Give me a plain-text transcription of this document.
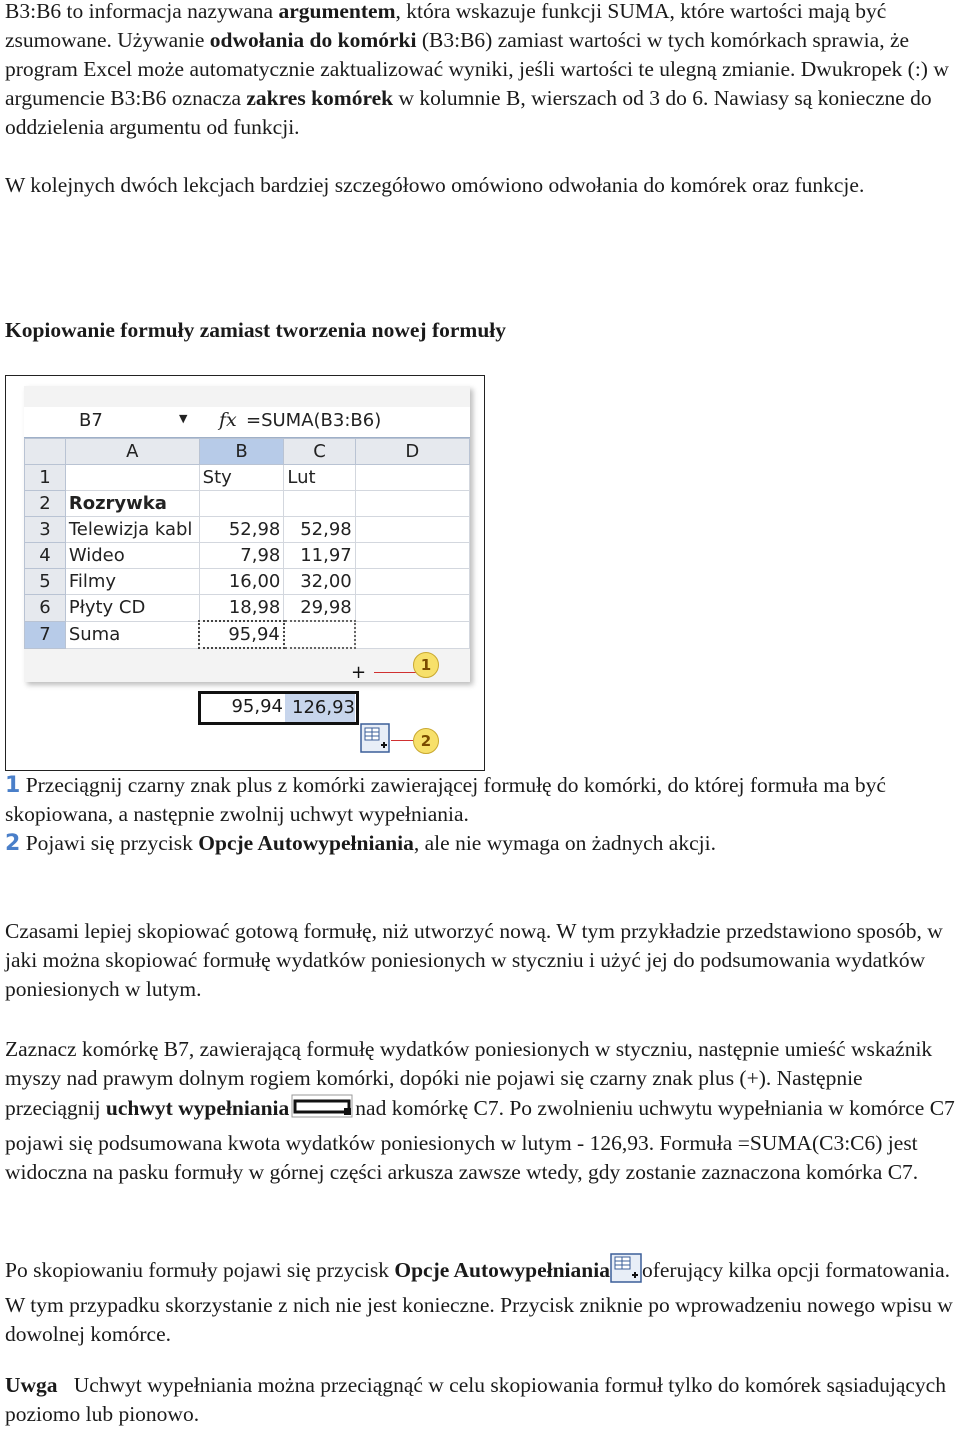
B3:B6 to informacja nazywana argumentem, która wskazuje funkcji SUMA, które wartości mają być zsumowane. Używanie odwołania do komórki (B3:B6) zamiast wartości w tych komórkach sprawia, że program Excel może automatycznie zaktualizować wyniki, jeśli wartości te ulegną zmianie. Dwukropek (:) w argumencie B3:B6 oznacza zakres komórek w kolumnie B, wierszach od 3 do 6. Nawiasy są konieczne do oddzielenia argumentu od funkcji.

W kolejnych dwóch lekcjach bardziej szczegółowo omówiono odwołania do komórek oraz funkcje.

Kopiowanie formuły zamiast tworzenia nowej formuły

B7	▼ fx =SUMA(B3:B6)
	A	B	C	D
1		Sty	Lut	
2	Rozrywka			
3	Telewizja kabl	52,98	52,98	
4	Wideo	7,98	11,97	
5	Filmy	16,00	32,00	
6	Płyty CD	18,98	29,98	
7	Suma	95,94		
+	1
95,94 126,93
2

1 Przeciągnij czarny znak plus z komórki zawierającej formułę do komórki, do której formuła ma być skopiowana, a następnie zwolnij uchwyt wypełniania.

2 Pojawi się przycisk Opcje Autowypełniania, ale nie wymaga on żadnych akcji.

Czasami lepiej skopiować gotową formułę, niż utworzyć nową. W tym przykładzie przedstawiono sposób, w jaki można skopiować formułę wydatków poniesionych w styczniu i użyć jej do podsumowania wydatków poniesionych w lutym.

Zaznacz komórkę B7, zawierającą formułę wydatków poniesionych w styczniu, następnie umieść wskaźnik myszy nad prawym dolnym rogiem komórki, dopóki nie pojawi się czarny znak plus (+). Następnie przeciągnij uchwyt wypełniania	nad komórkę C7. Po zwolnieniu uchwytu wypełniania w komórce C7 pojawi się podsumowana kwota wydatków poniesionych w lutym - 126,93. Formuła =SUMA(C3:C6) jest widoczna na pasku formuły w górnej części arkusza zawsze wtedy, gdy zostanie zaznaczona komórka C7.

Po skopiowaniu formuły pojawi się przycisk Opcje Autowypełniania oferujący kilka opcji formatowania. W tym przypadku skorzystanie z nich nie jest konieczne. Przycisk zniknie po wprowadzeniu nowego wpisu w dowolnej komórce.

Uwga   Uchwyt wypełniania można przeciągnąć w celu skopiowania formuł tylko do komórek sąsiadujących poziomo lub pionowo.
